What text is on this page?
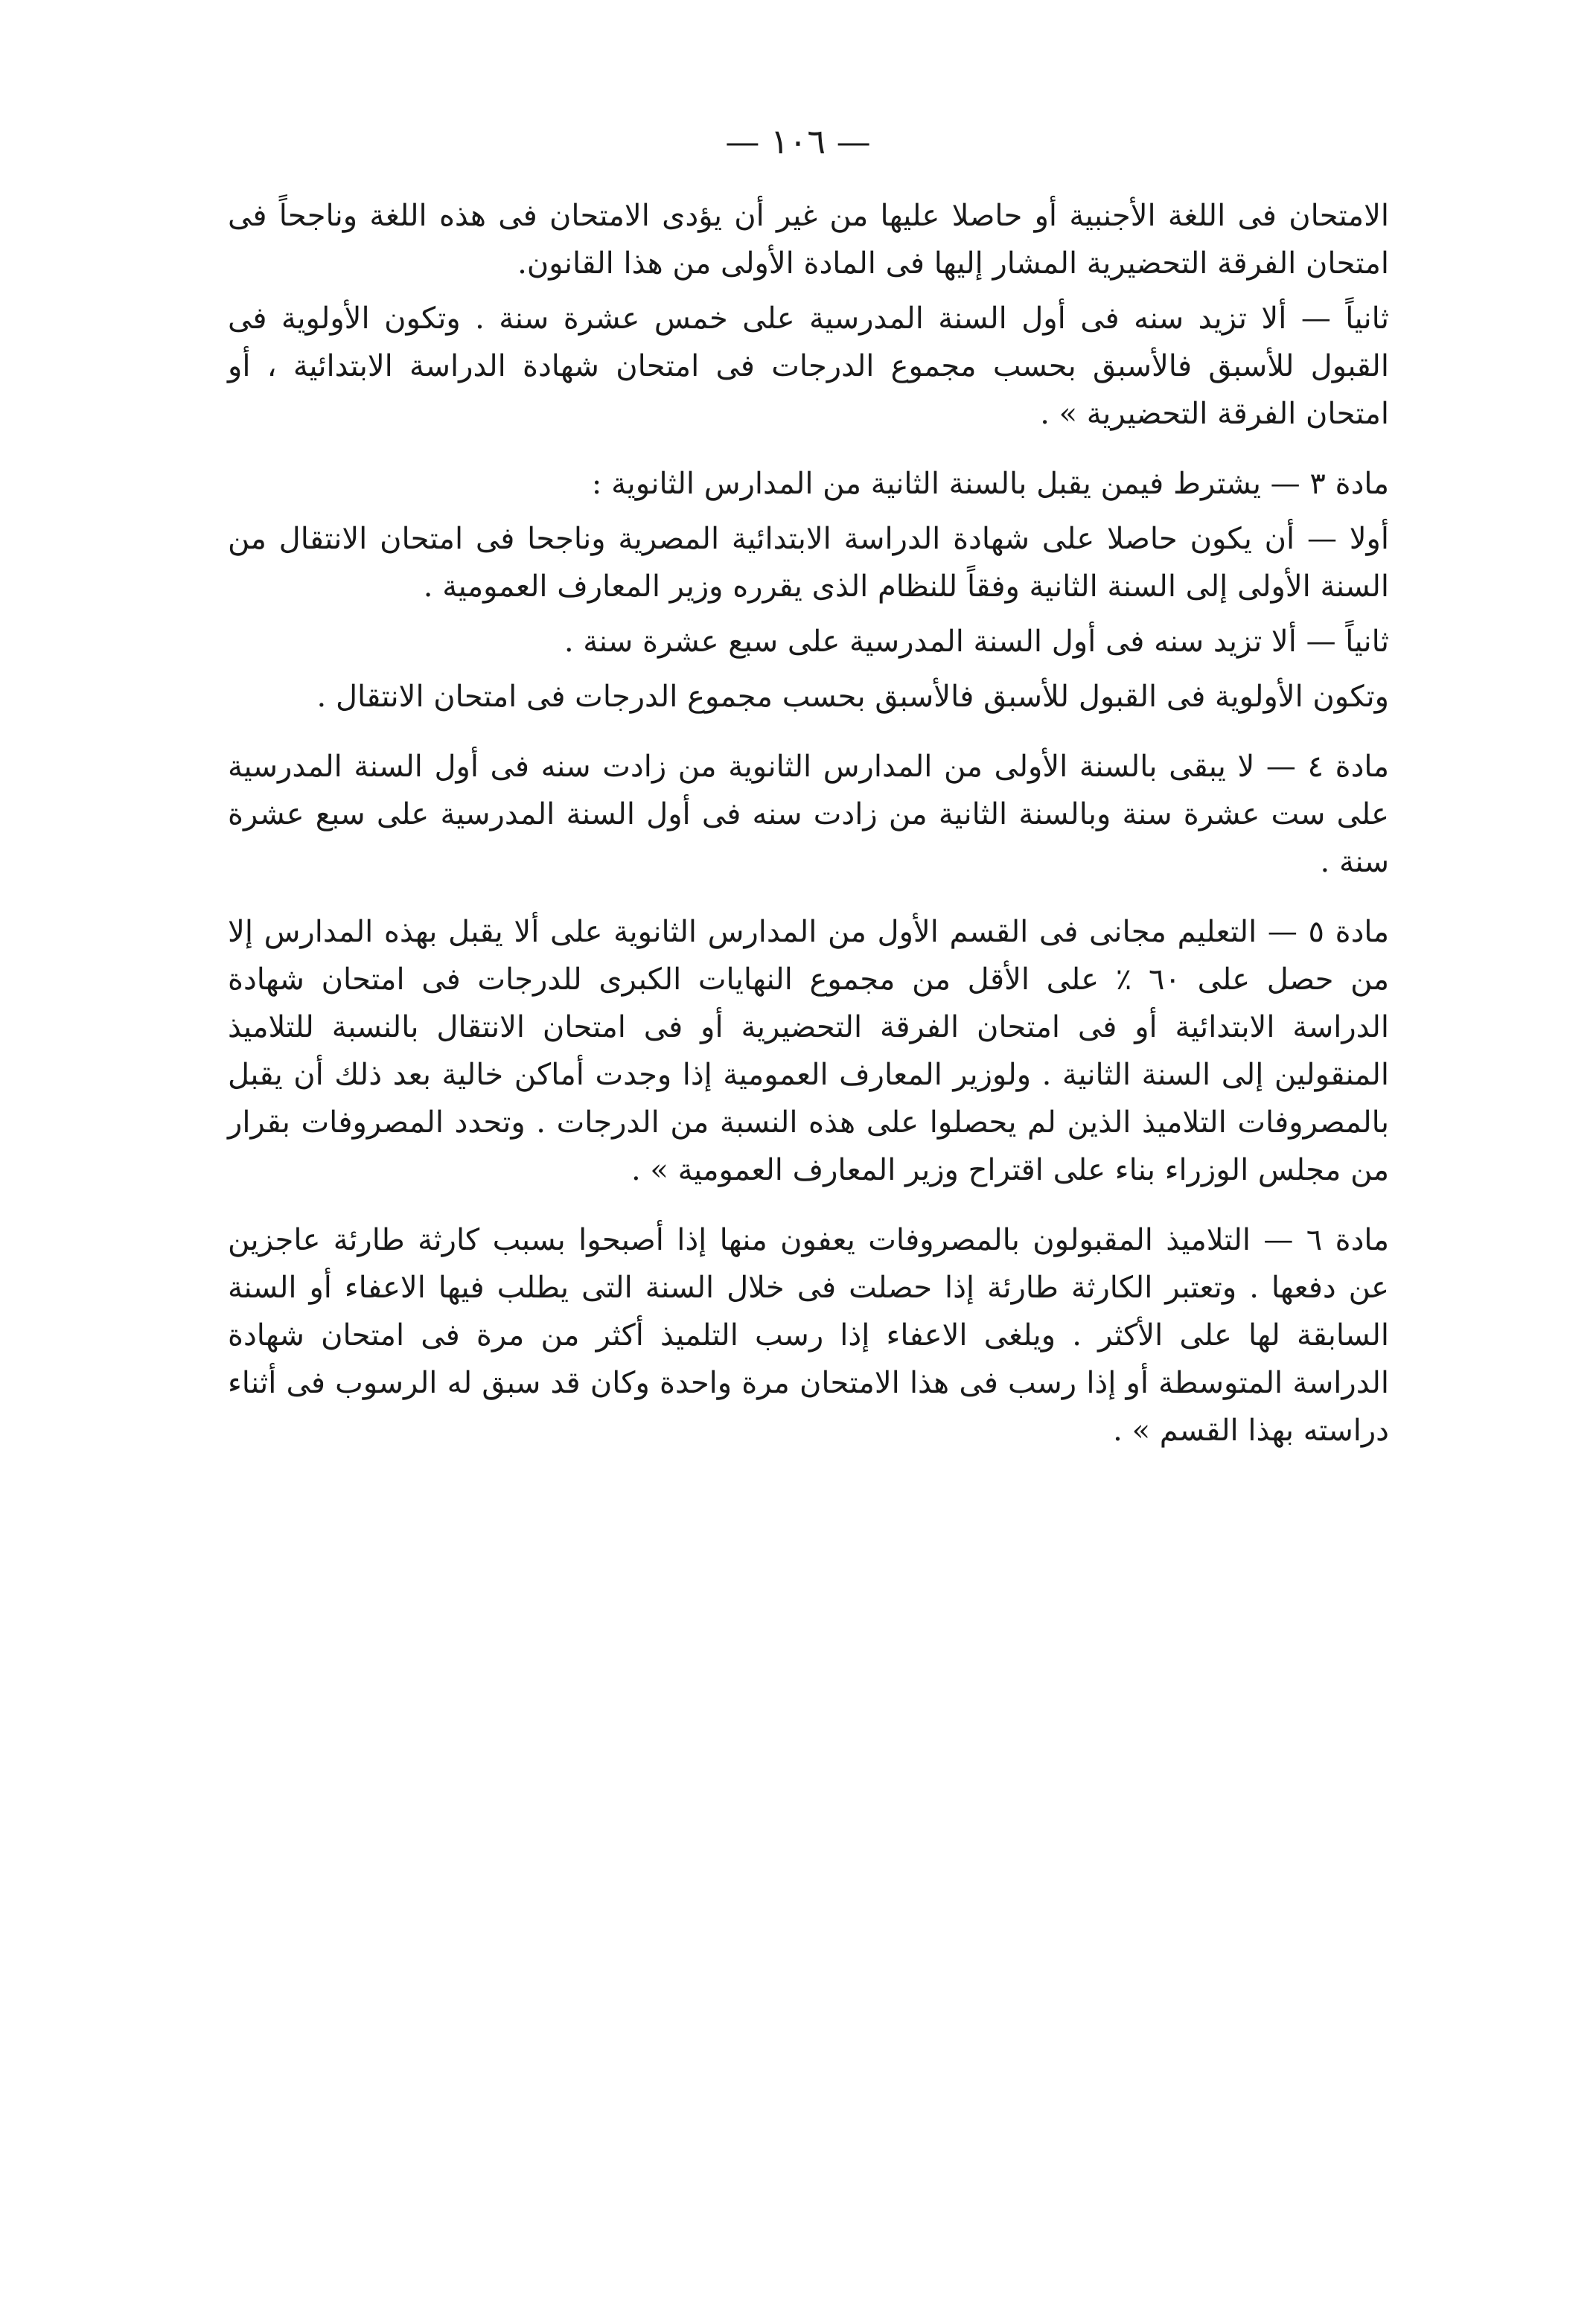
— ١٠٦ —

الامتحان فى اللغة الأجنبية أو حاصلا عليها من غير أن يؤدى الامتحان فى هذه اللغة وناجحاً فى امتحان الفرقة التحضيرية المشار إليها فى المادة الأولى من هذا القانون.

ثانياً — ألا تزيد سنه فى أول السنة المدرسية على خمس عشرة سنة . وتكون الأولوية فى القبول للأسبق فالأسبق بحسب مجموع الدرجات فى امتحان شهادة الدراسة الابتدائية ، أو امتحان الفرقة التحضيرية » .

مادة ٣ — يشترط فيمن يقبل بالسنة الثانية من المدارس الثانوية :

أولا — أن يكون حاصلا على شهادة الدراسة الابتدائية المصرية وناجحا فى امتحان الانتقال من السنة الأولى إلى السنة الثانية وفقاً للنظام الذى يقرره وزير المعارف العمومية .

ثانياً — ألا تزيد سنه فى أول السنة المدرسية على سبع عشرة سنة .

وتكون الأولوية فى القبول للأسبق فالأسبق بحسب مجموع الدرجات فى امتحان الانتقال .

مادة ٤ — لا يبقى بالسنة الأولى من المدارس الثانوية من زادت سنه فى أول السنة المدرسية على ست عشرة سنة وبالسنة الثانية من زادت سنه فى أول السنة المدرسية على سبع عشرة سنة .

مادة ٥ — التعليم مجانى فى القسم الأول من المدارس الثانوية على ألا يقبل بهذه المدارس إلا من حصل على ٦٠ ٪ على الأقل من مجموع النهايات الكبرى للدرجات فى امتحان شهادة الدراسة الابتدائية أو فى امتحان الفرقة التحضيرية أو فى امتحان الانتقال بالنسبة للتلاميذ المنقولين إلى السنة الثانية . ولوزير المعارف العمومية إذا وجدت أماكن خالية بعد ذلك أن يقبل بالمصروفات التلاميذ الذين لم يحصلوا على هذه النسبة من الدرجات . وتحدد المصروفات بقرار من مجلس الوزراء بناء على اقتراح وزير المعارف العمومية » .

مادة ٦ — التلاميذ المقبولون بالمصروفات يعفون منها إذا أصبحوا بسبب كارثة طارئة عاجزين عن دفعها . وتعتبر الكارثة طارئة إذا حصلت فى خلال السنة التى يطلب فيها الاعفاء أو السنة السابقة لها على الأكثر . ويلغى الاعفاء إذا رسب التلميذ أكثر من مرة فى امتحان شهادة الدراسة المتوسطة أو إذا رسب فى هذا الامتحان مرة واحدة وكان قد سبق له الرسوب فى أثناء دراسته بهذا القسم » .
